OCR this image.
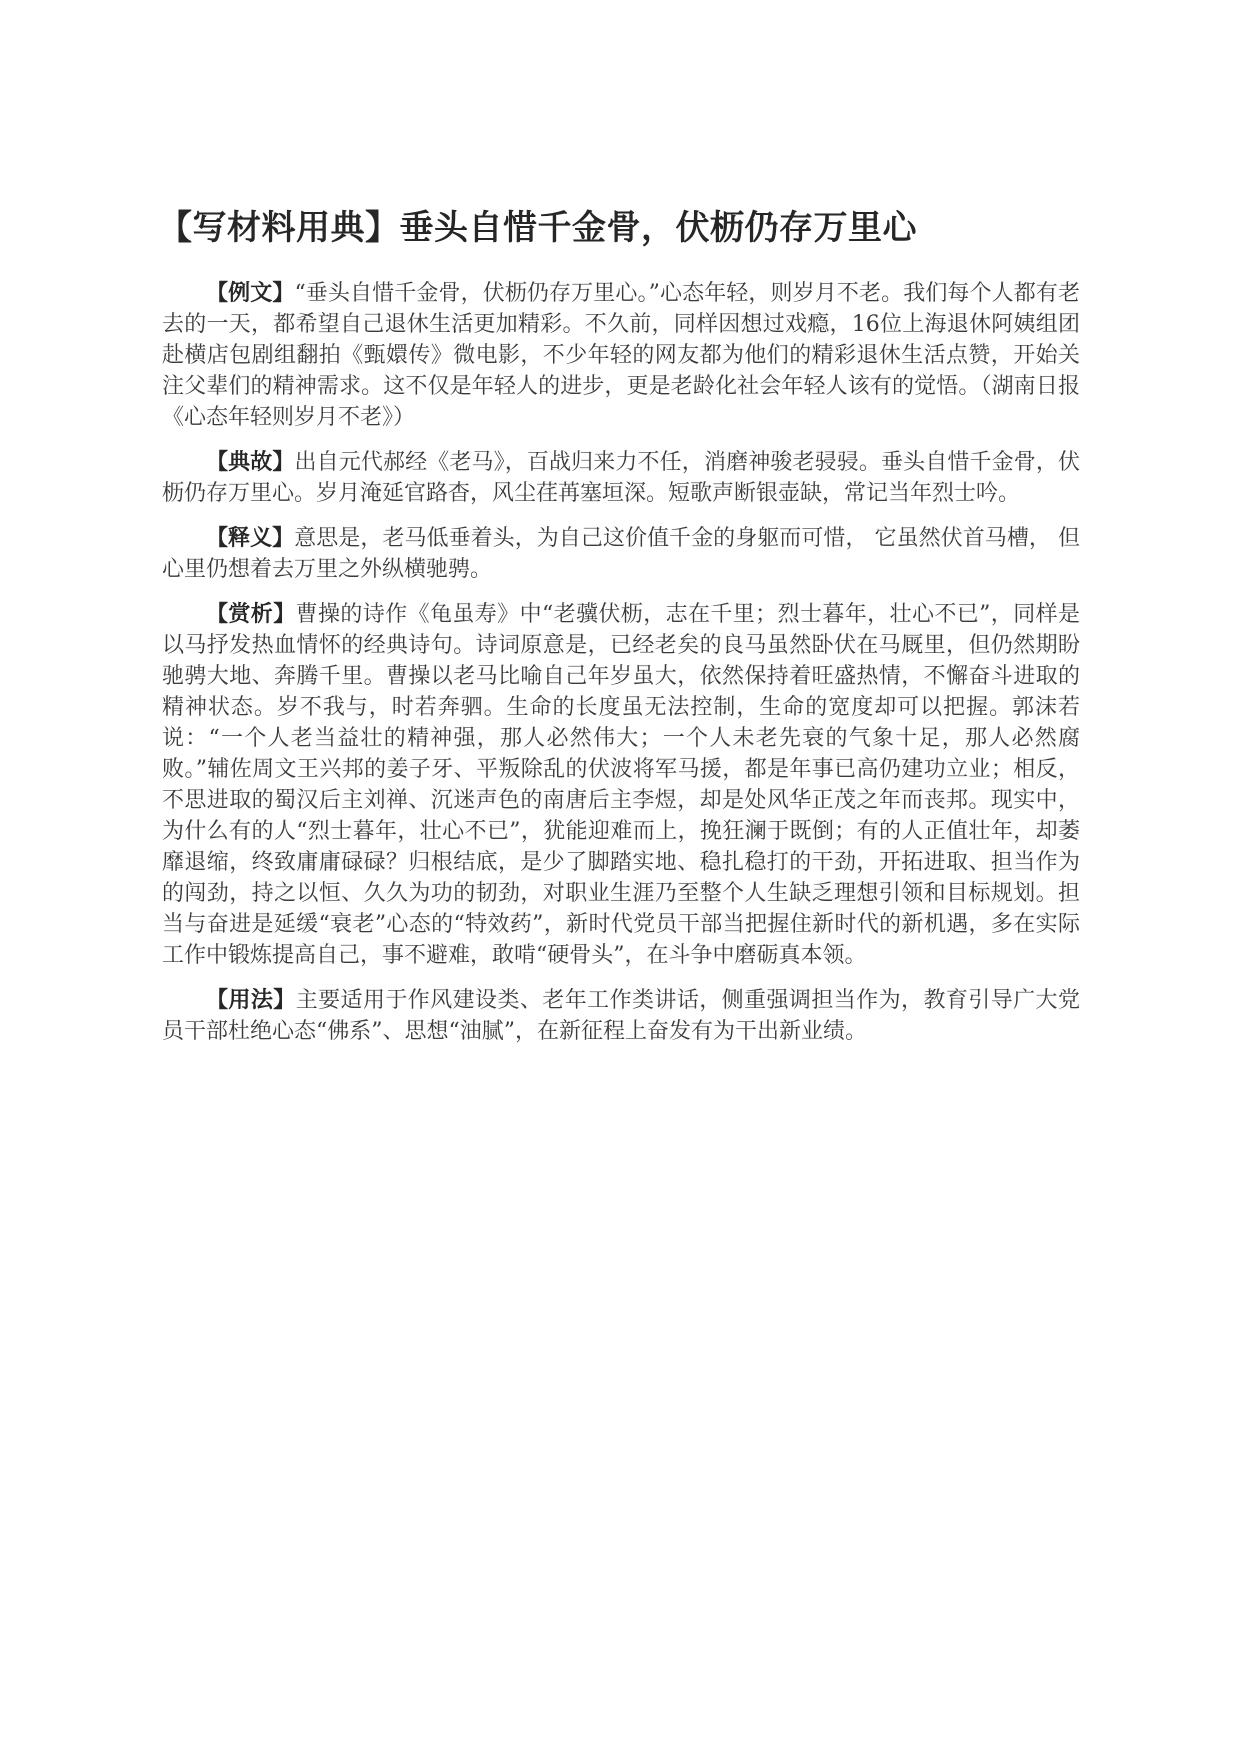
【写材料用典】垂头自惜千金骨，伏枥仍存万里心

【例文】“垂头自惜千金骨，伏枥仍存万里心。”心态年轻，则岁月不老。我们每个人都有老去的一天，都希望自己退休生活更加精彩。不久前，同样因想过戏瘾，16位上海退休阿姨组团赴横店包剧组翻拍《甄嬛传》微电影，不少年轻的网友都为他们的精彩退休生活点赞，开始关注父辈们的精神需求。这不仅是年轻人的进步，更是老龄化社会年轻人该有的觉悟。（湖南日报《心态年轻则岁月不老》）

【典故】出自元代郝经《老马》，百战归来力不任，消磨神骏老骎骎。垂头自惜千金骨，伏枥仍存万里心。岁月淹延官路杳，风尘荏苒塞垣深。短歌声断银壶缺，常记当年烈士吟。

【释义】意思是，老马低垂着头，为自己这价值千金的身躯而可惜， 它虽然伏首马槽， 但心里仍想着去万里之外纵横驰骋。

【赏析】曹操的诗作《龟虽寿》中“老骥伏枥，志在千里；烈士暮年，壮心不已”，同样是以马抒发热血情怀的经典诗句。诗词原意是，已经老矣的良马虽然卧伏在马厩里，但仍然期盼驰骋大地、奔腾千里。曹操以老马比喻自己年岁虽大，依然保持着旺盛热情，不懈奋斗进取的精神状态。岁不我与，时若奔驷。生命的长度虽无法控制，生命的宽度却可以把握。郭沫若说：“一个人老当益壮的精神强，那人必然伟大；一个人未老先衰的气象十足，那人必然腐败。”辅佐周文王兴邦的姜子牙、平叛除乱的伏波将军马援，都是年事已高仍建功立业；相反，不思进取的蜀汉后主刘禅、沉迷声色的南唐后主李煜，却是处风华正茂之年而丧邦。现实中，为什么有的人“烈士暮年，壮心不已”，犹能迎难而上，挽狂澜于既倒；有的人正值壮年，却萎靡退缩，终致庸庸碌碌？归根结底，是少了脚踏实地、稳扎稳打的干劲，开拓进取、担当作为的闯劲，持之以恒、久久为功的韧劲，对职业生涯乃至整个人生缺乏理想引领和目标规划。担当与奋进是延缓“衰老”心态的“特效药”，新时代党员干部当把握住新时代的新机遇，多在实际工作中锻炼提高自己，事不避难，敢啃“硬骨头”，在斗争中磨砺真本领。

【用法】主要适用于作风建设类、老年工作类讲话，侧重强调担当作为，教育引导广大党员干部杜绝心态“佛系”、思想“油腻”，在新征程上奋发有为干出新业绩。
